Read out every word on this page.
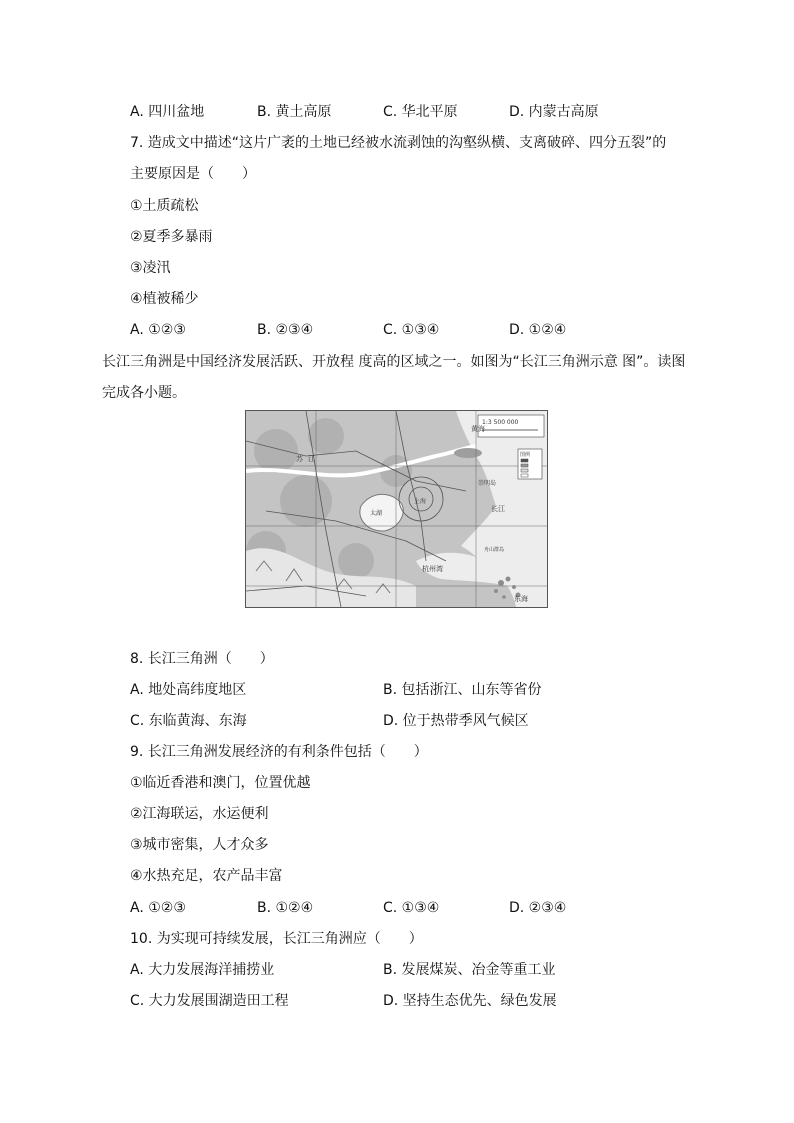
A. 四川盆地	B. 黄土高原	C. 华北平原	D. 内蒙古高原
7. 造成文中描述“这片广袤的土地已经被水流剥蚀的沟壑纵横、支离破碎、四分五裂”的
主要原因是（　　）
①土质疏松
②夏季多暴雨
③凌汛
④植被稀少
A. ①②③	B. ②③④	C. ①③④	D. ①②④
长江三角洲是中国经济发展活跃、开放程 度高的区域之一。如图为“长江三角洲示意 图”。读图
完成各小题。
1:3 500 000
图例
黄海
长江
崇明岛
杭州湾
东海
太湖
舟山群岛
上海
苏 江
8. 长江三角洲（　　）
A. 地处高纬度地区	B. 包括浙江、山东等省份
C. 东临黄海、东海	D. 位于热带季风气候区
9. 长江三角洲发展经济的有利条件包括（　　）
①临近香港和澳门，位置优越
②江海联运，水运便利
③城市密集，人才众多
④水热充足，农产品丰富
A. ①②③	B. ①②④	C. ①③④	D. ②③④
10. 为实现可持续发展，长江三角洲应（　　）
A. 大力发展海洋捕捞业	B. 发展煤炭、冶金等重工业
C. 大力发展围湖造田工程	D. 坚持生态优先、绿色发展
